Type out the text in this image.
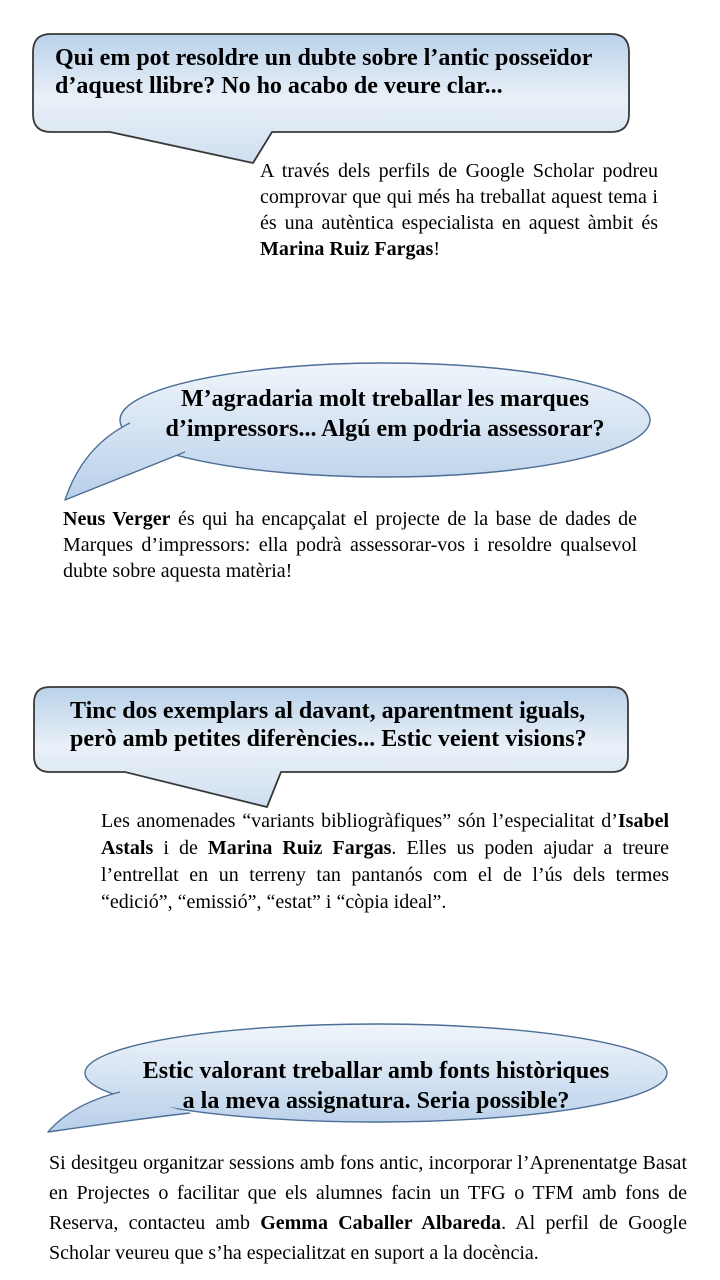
Qui em pot resoldre un dubte sobre l’antic posseïdor
d’aquest llibre? No ho acabo de veure clar...

A través dels perfils de Google Scholar podreu comprovar que qui més ha treballat aquest tema i és una autèntica especialista en aquest àmbit és Marina Ruiz Fargas!

M’agradaria molt treballar les marques
d’impressors... Algú em podria assessorar?

Neus Verger és qui ha encapçalat el projecte de la base de dades de Marques d’impressors: ella podrà assessorar-vos i resoldre qualsevol dubte sobre aquesta matèria!

Tinc dos exemplars al davant, aparentment iguals,
però amb petites diferències... Estic veient visions?

Les anomenades “variants bibliogràfiques” són l’especialitat d’Isabel Astals i de Marina Ruiz Fargas. Elles us poden ajudar a treure l’entrellat en un terreny tan pantanós com el de l’ús dels termes “edició”, “emissió”, “estat” i “còpia ideal”.

Estic valorant treballar amb fonts històriques
a la meva assignatura. Seria possible?

Si desitgeu organitzar sessions amb fons antic, incorporar l’Aprenentatge Basat en Projectes o facilitar que els alumnes facin un TFG o TFM amb fons de Reserva, contacteu amb Gemma Caballer Albareda. Al perfil de Google Scholar veureu que s’ha especialitzat en suport a la docència.
